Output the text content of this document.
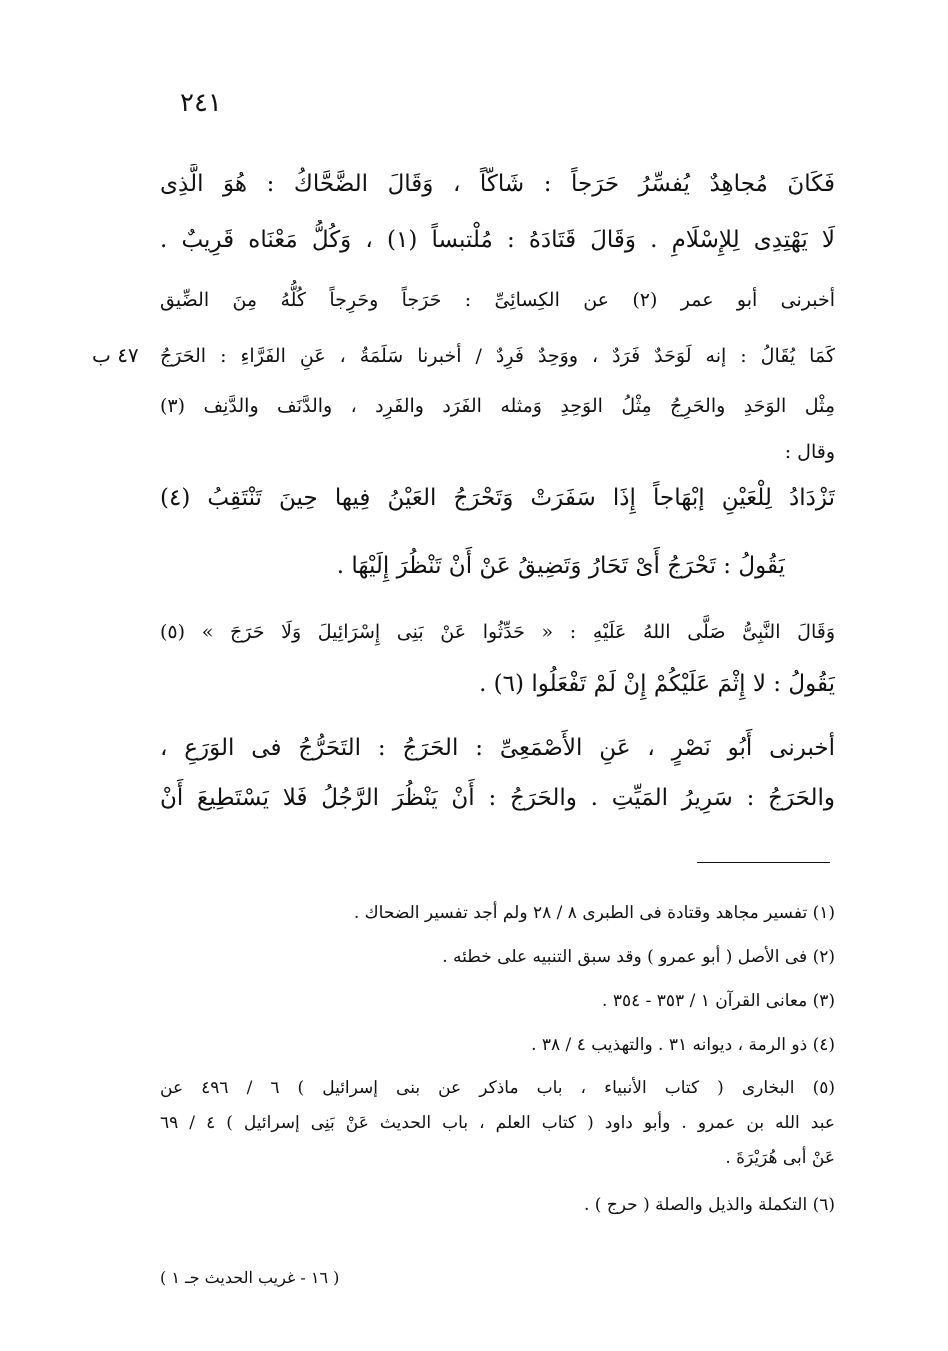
٢٤١
فَكَانَ مُجاهِدٌ يُفسِّرُ حَرَجاً : شَاكّاً ، وَقَالَ الضَّحَّاكُ : هُوَ الَّذِى
لَا يَهْتِدِى لِلإِسْلَامِ . وَقَالَ قَتَادَهُ : مُلْتبساً (١) ، وَكُلُّ مَعْنَاه قَرِيبٌ .
أخبرنى أبو عمر (٢) عن الكِسائِىِّ : حَرَجاً وحَرِجاً كُلُّهُ مِنَ الضِّيق
كَمَا يُقَالُ : إنه لَوَحَدٌ فَرَدٌ ، ووَحِدٌ فَرِدٌ / أخبرنا سَلَمَةُ ، عَنِ الفَرَّاءِ : الحَرَجُ
٤٧ ب
مِثْل الوَحَدِ والحَرِجُ مِثْلُ الوَحِدِ وَمثله الفَرَد والفَرِد ، والدَّنَف والدَّنِف (٣)
وقال :
تَزْدَادُ لِلْعَيْنِ إبْهَاجاً إِذَا سَفَرَتْ وَتَحْرَجُ العَيْنُ فِيها حِينَ تَنْتَقِبُ (٤)
يَقُولُ : تَحْرَجُ أَىْ تَحَارُ وَتَضِيقُ عَنْ أَنْ تَنْظُرَ إِلَيْهَا .
وَقَالَ النَّبِىُّ صَلَّى اللهُ عَلَيْهِ : « حَدِّثُوا عَنْ بَنِى إِسْرَائِيلَ وَلَا حَرَجَ » (٥)
يَقُولُ : لا إِثْمَ عَلَيْكُمْ إِنْ لَمْ تَفْعَلُوا (٦) .
أخبرنى أَبُو نَصْرٍ ، عَنِ الأَصْمَعِىِّ : الحَرَجُ : التَحَرُّجُ فى الوَرَعِ ،
والحَرَجُ : سَرِيرُ المَيِّتِ . والحَرَجُ : أَنْ يَنْظُرَ الرَّجُلُ فَلا يَسْتَطِيعَ أَنْ
(١) تفسير مجاهد وقتادة فى الطبرى ٨ / ٢٨ ولم أجد تفسير الضحاك .
(٢) فى الأصل ( أبو عمرو ) وقد سبق التنبيه على خطئه .
(٣) معانى القرآن ١ / ٣٥٣ - ٣٥٤ .
(٤) ذو الرمة ، ديوانه ٣١ . والتهذيب ٤ / ٣٨ .
(٥) البخارى ( كتاب الأنبياء ، باب ماذكر عن بنى إسرائيل ) ٦ / ٤٩٦ عن
عبد الله بن عمرو . وأبو داود ( كتاب العلم ، باب الحديث عَنْ بَنِى إسرائيل ) ٤ / ٦٩
عَنْ أبى هُرَيْرَةَ .
(٦) التكملة والذيل والصلة ( حرج ) .
( ١٦ - غريب الحديث جـ ١ )
